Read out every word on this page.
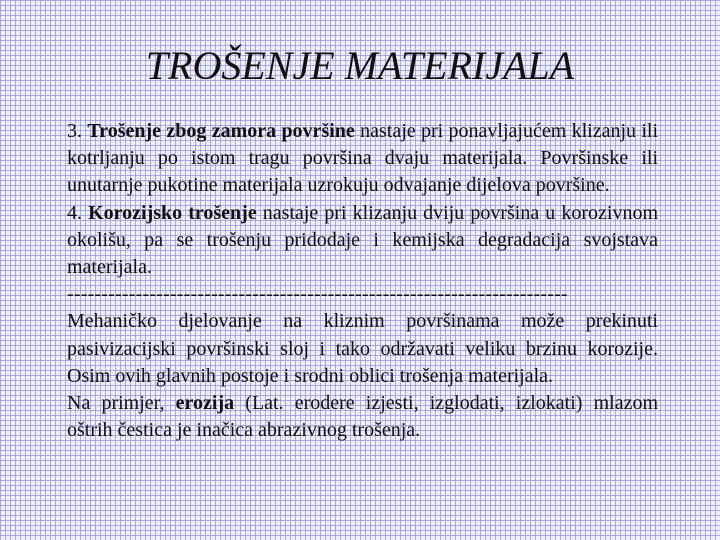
TROŠENJE MATERIJALA

3. Trošenje zbog zamora površine nastaje pri ponavljajućem klizanju ili kotrljanju po istom tragu površina dvaju materijala. Površinske ili unutarnje pukotine materijala uzrokuju odvajanje dijelova površine.

4. Korozijsko trošenje nastaje pri klizanju dviju površina u korozivnom okolišu, pa se trošenju pridodaje i kemijska degradacija svojstava materijala.

-------------------------------------------------------------------------

Mehaničko djelovanje na kliznim površinama može prekinuti pasivizacijski površinski sloj i tako održavati veliku brzinu korozije. Osim ovih glavnih postoje i srodni oblici trošenja materijala.

Na primjer, erozija (Lat. erodere izjesti, izglodati, izlokati) mlazom oštrih čestica je inačica abrazivnog trošenja.
